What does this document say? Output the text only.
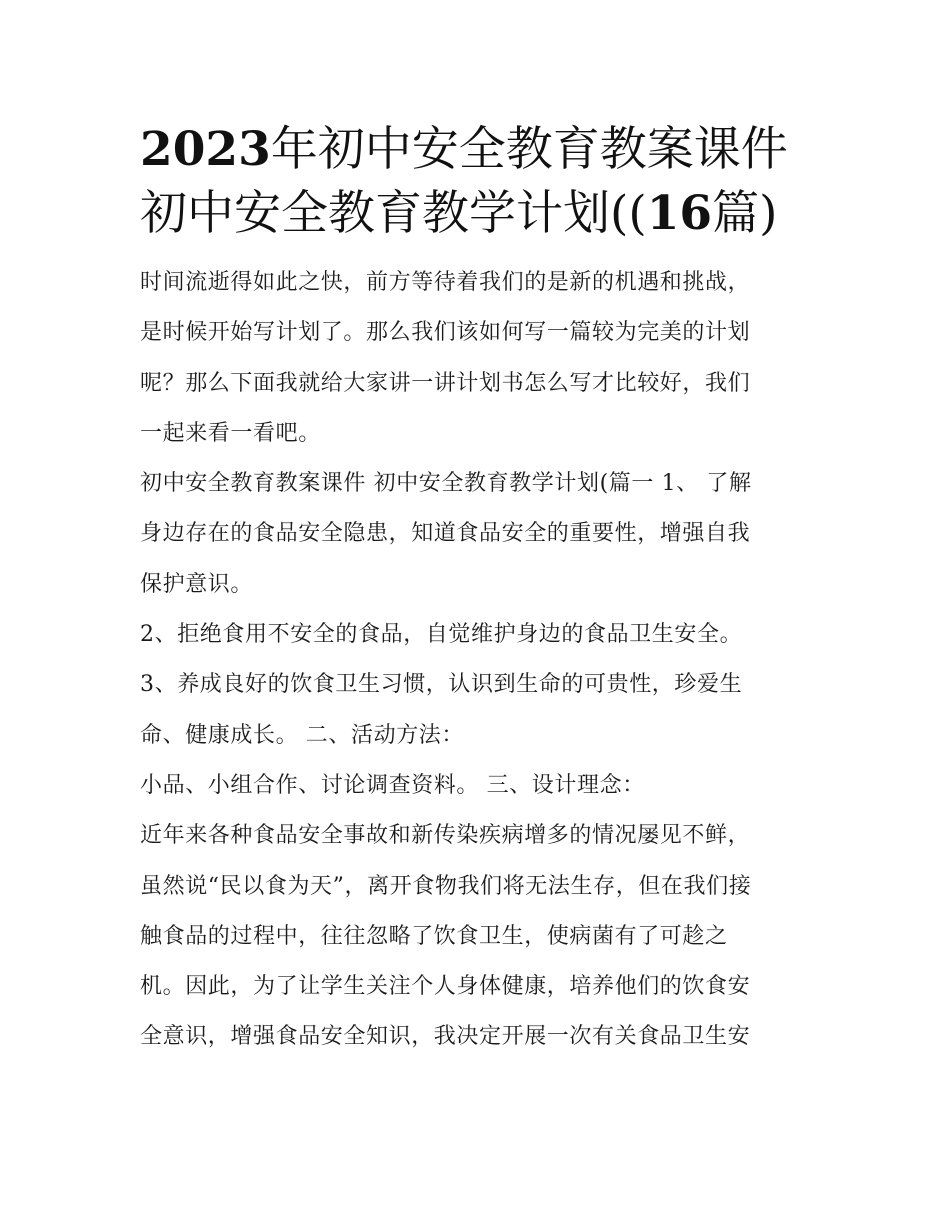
2023年初中安全教育教案课件
初中安全教育教学计划((16篇)

时间流逝得如此之快，前方等待着我们的是新的机遇和挑战，
是时候开始写计划了。那么我们该如何写一篇较为完美的计划
呢？那么下面我就给大家讲一讲计划书怎么写才比较好，我们
一起来看一看吧。

初中安全教育教案课件 初中安全教育教学计划(篇一 1、 了解
身边存在的食品安全隐患，知道食品安全的重要性，增强自我
保护意识。

2、拒绝食用不安全的食品，自觉维护身边的食品卫生安全。

3、养成良好的饮食卫生习惯，认识到生命的可贵性，珍爱生
命、健康成长。 二、活动方法：

小品、小组合作、讨论调查资料。 三、设计理念：

近年来各种食品安全事故和新传染疾病增多的情况屡见不鲜，
虽然说“民以食为天”，离开食物我们将无法生存，但在我们接
触食品的过程中，往往忽略了饮食卫生，使病菌有了可趁之
机。因此，为了让学生关注个人身体健康，培养他们的饮食安
全意识，增强食品安全知识，我决定开展一次有关食品卫生安
